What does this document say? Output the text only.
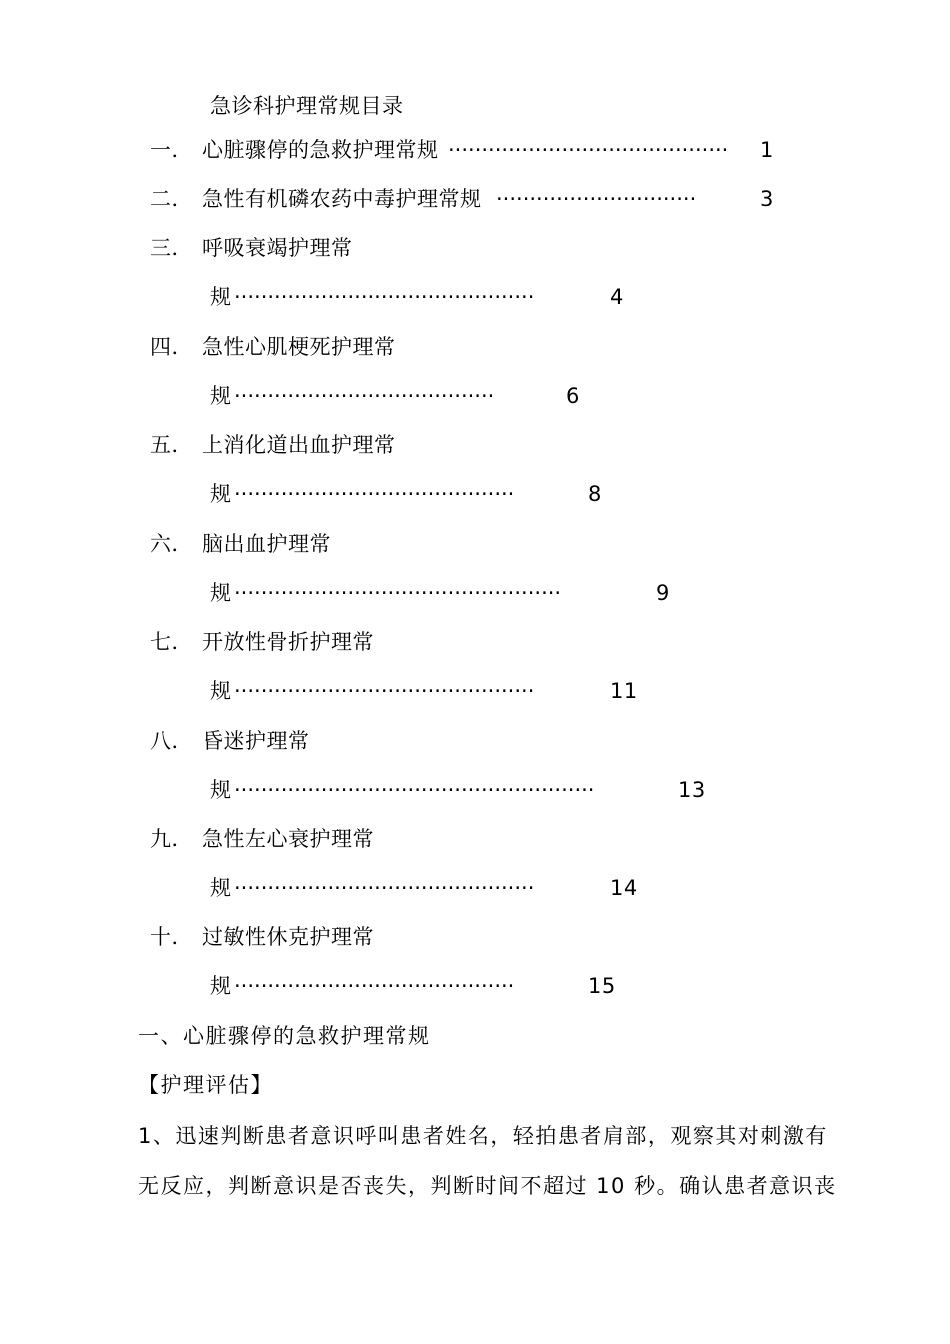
急诊科护理常规目录
一． 心脏骤停的急救护理常规 ··········································	1
二． 急性有机磷农药中毒护理常规 ······························	3
三． 呼吸衰竭护理常
规 ·············································	4
四． 急性心肌梗死护理常
规 ·······································	6
五． 上消化道出血护理常
规 ··········································	8
六． 脑出血护理常
规 ·················································	9
七． 开放性骨折护理常
规 ·············································	11
八． 昏迷护理常
规 ······················································	13
九． 急性左心衰护理常
规 ·············································	14
十． 过敏性休克护理常
规 ··········································	15
一、心脏骤停的急救护理常规
【护理评估】
1、迅速判断患者意识呼叫患者姓名，轻拍患者肩部，观察其对刺激有
无反应，判断意识是否丧失，判断时间不超过 10 秒。确认患者意识丧
